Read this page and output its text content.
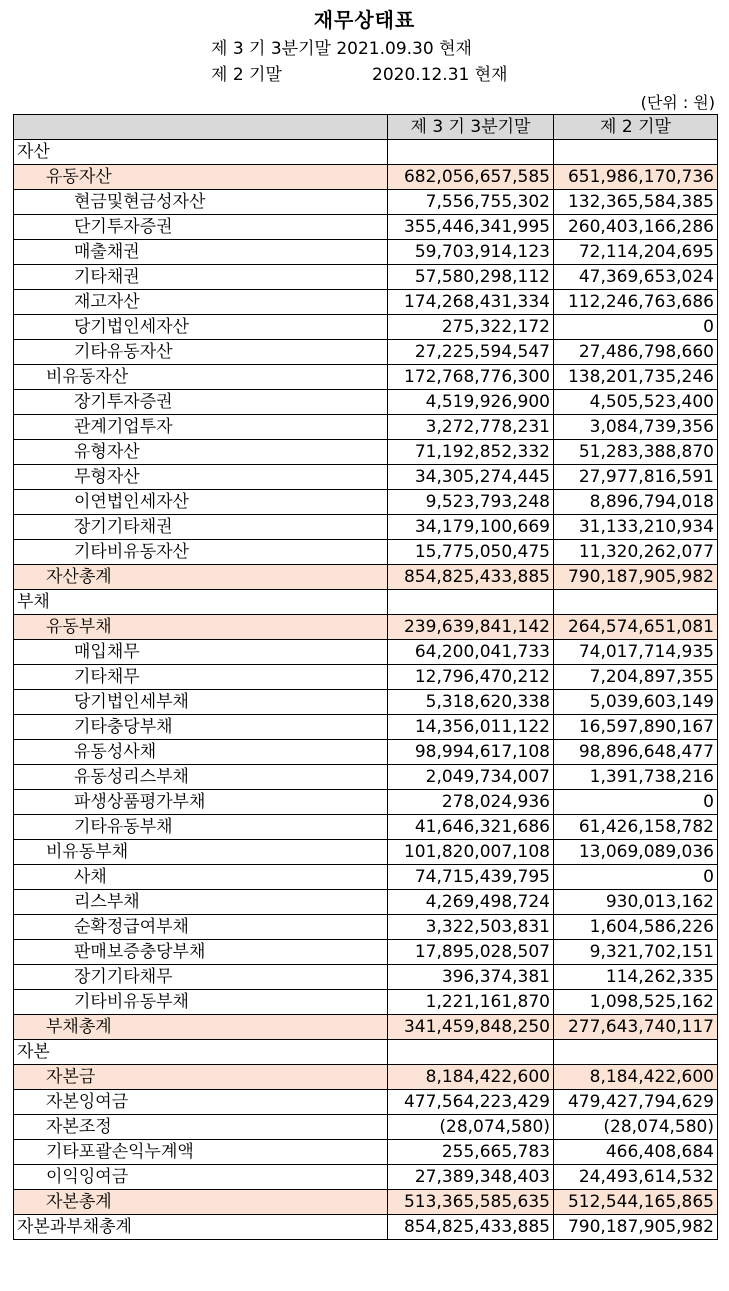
재무상태표
제 3 기 3분기말 2021.09.30 현재
제 2 기말	2020.12.31 현재
(단위 : 원)
	제 3 기 3분기말	제 2 기말
자산		
유동자산	682,056,657,585	651,986,170,736
현금및현금성자산	7,556,755,302	132,365,584,385
단기투자증권	355,446,341,995	260,403,166,286
매출채권	59,703,914,123	72,114,204,695
기타채권	57,580,298,112	47,369,653,024
재고자산	174,268,431,334	112,246,763,686
당기법인세자산	275,322,172	0
기타유동자산	27,225,594,547	27,486,798,660
비유동자산	172,768,776,300	138,201,735,246
장기투자증권	4,519,926,900	4,505,523,400
관계기업투자	3,272,778,231	3,084,739,356
유형자산	71,192,852,332	51,283,388,870
무형자산	34,305,274,445	27,977,816,591
이연법인세자산	9,523,793,248	8,896,794,018
장기기타채권	34,179,100,669	31,133,210,934
기타비유동자산	15,775,050,475	11,320,262,077
자산총계	854,825,433,885	790,187,905,982
부채		
유동부채	239,639,841,142	264,574,651,081
매입채무	64,200,041,733	74,017,714,935
기타채무	12,796,470,212	7,204,897,355
당기법인세부채	5,318,620,338	5,039,603,149
기타충당부채	14,356,011,122	16,597,890,167
유동성사채	98,994,617,108	98,896,648,477
유동성리스부채	2,049,734,007	1,391,738,216
파생상품평가부채	278,024,936	0
기타유동부채	41,646,321,686	61,426,158,782
비유동부채	101,820,007,108	13,069,089,036
사채	74,715,439,795	0
리스부채	4,269,498,724	930,013,162
순확정급여부채	3,322,503,831	1,604,586,226
판매보증충당부채	17,895,028,507	9,321,702,151
장기기타채무	396,374,381	114,262,335
기타비유동부채	1,221,161,870	1,098,525,162
부채총계	341,459,848,250	277,643,740,117
자본		
자본금	8,184,422,600	8,184,422,600
자본잉여금	477,564,223,429	479,427,794,629
자본조정	(28,074,580)	(28,074,580)
기타포괄손익누계액	255,665,783	466,408,684
이익잉여금	27,389,348,403	24,493,614,532
자본총계	513,365,585,635	512,544,165,865
자본과부채총계	854,825,433,885	790,187,905,982
